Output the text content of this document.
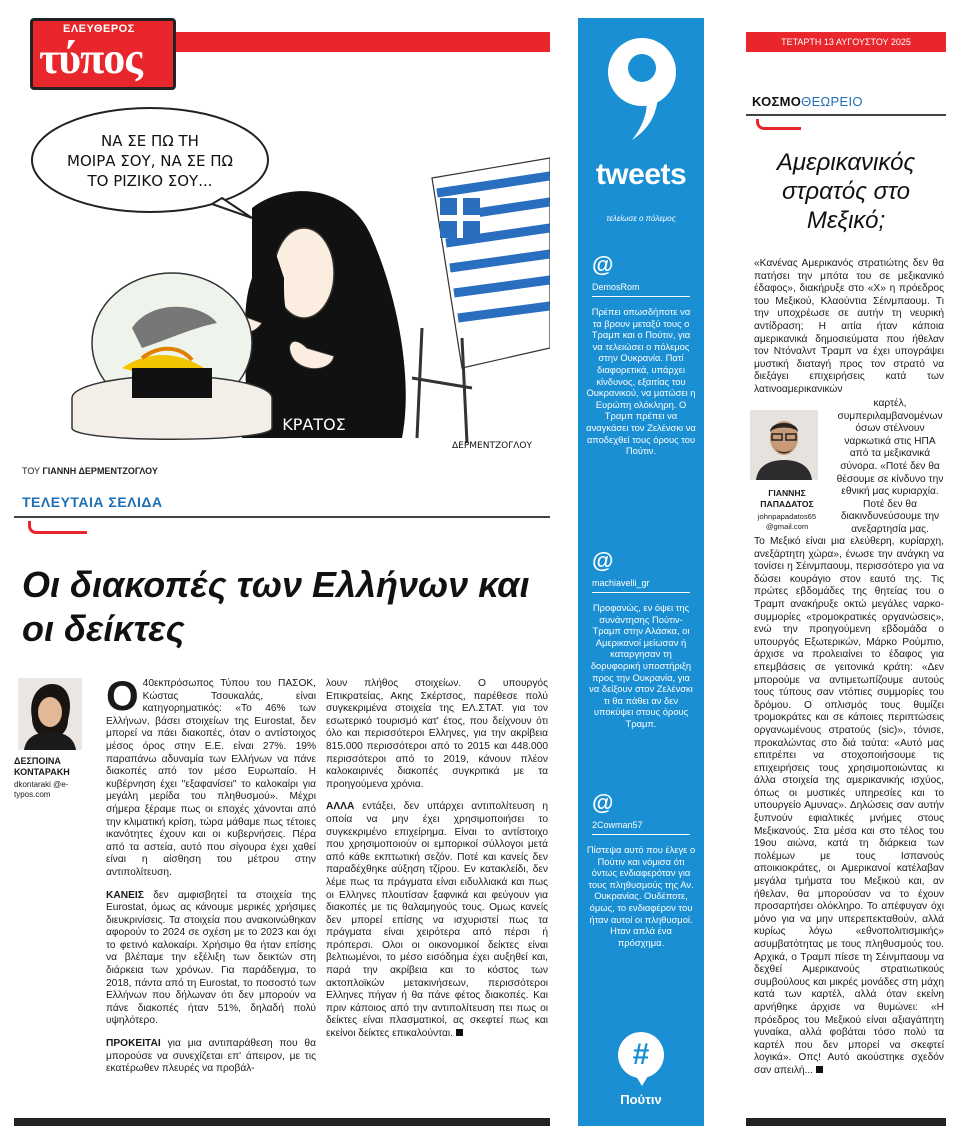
ΕΛΕΥΘΕΡΟΣ
τύπος
ΝΑ ΣΕ ΠΩ ΤΗ
ΜΟΙΡΑ ΣΟΥ, ΝΑ ΣΕ ΠΩ
ΤΟ ΡΙΖΙΚΟ ΣΟΥ...
ΚΡΑΤΟΣ
ΔΕΡΜΕΝΤΖΟΓΛΟΥ
ΤΟΥ ΓΙΑΝΝΗ ΔΕΡΜΕΝΤΖΟΓΛΟΥ
ΤΕΛΕΥΤΑΙΑ ΣΕΛΙΔΑ
Οι διακοπές των Ελλήνων και οι δείκτες
ΔΕΣΠΟΙΝΑ ΚΟΝΤΑΡΑΚΗ
dkontaraki @e-typos.com

Ο 40εκπρόσωπος Τύπου του ΠΑΣΟΚ, Κώστας Τσουκαλάς, είναι κατηγορηματικός: «Το 46% των Ελλήνων, βάσει στοιχείων της Eurostat, δεν μπορεί να πάει διακοπές, όταν ο αντίστοιχος μέσος όρος στην Ε.Ε. είναι 27%. 19% παραπάνω αδυναμία των Ελλήνων να πάνε διακοπές από τον μέσο Ευρωπαίο. Η κυβέρνηση έχει "εξαφανίσει" το καλοκαίρι για μεγάλη μερίδα του πληθυσμού». Μέχρι σήμερα ξέραμε πως οι εποχές χάνονται από την κλιματική κρίση, τώρα μάθαμε πως τέτοιες ικανότητες έχουν και οι κυβερνήσεις. Πέρα από τα αστεία, αυτό που σίγουρα έχει χαθεί είναι η αίσθηση του μέτρου στην αντιπολίτευση.

ΚΑΝΕΙΣ δεν αμφισβητεί τα στοιχεία της Eurostat, όμως ας κάνουμε μερικές χρήσιμες διευκρινίσεις. Τα στοιχεία που ανακοινώθηκαν αφορούν το 2024 σε σχέση με το 2023 και όχι το φετινό καλοκαίρι. Χρήσιμο θα ήταν επίσης να βλέπαμε την εξέλιξη των δεικτών στη διάρκεια των χρόνων. Για παράδειγμα, το 2018, πάντα από τη Eurostat, το ποσοστό των Ελλήνων που δήλωναν ότι δεν μπορούν να πάνε διακοπές ήταν 51%, δηλαδή πολύ υψηλότερο.

ΠΡΟΚΕΙΤΑΙ για μια αντιπαράθεση που θα μπορούσε να συνεχίζεται επ' άπειρον, με τις εκατέρωθεν πλευρές να προβάλ-

λουν πλήθος στοιχείων. Ο υπουργός Επικρατείας, Ακης Σκέρτσος, παρέθεσε πολύ συγκεκριμένα στοιχεία της ΕΛ.ΣΤΑΤ. για τον εσωτερικό τουρισμό κατ' έτος, που δείχνουν ότι όλο και περισσότεροι Ελληνες, για την ακρίβεια 815.000 περισσότεροι από το 2015 και 448.000 περισσότεροι από το 2019, κάνουν πλέον καλοκαιρινές διακοπές συγκριτικά με τα προηγούμενα χρόνια.

ΑΛΛΑ εντάξει, δεν υπάρχει αντιπολίτευση η οποία να μην έχει χρησιμοποιήσει το συγκεκριμένο επιχείρημα. Είναι το αντίστοιχο που χρησιμοποιούν οι εμπορικοί σύλλογοι μετά από κάθε εκπτωτική σεζόν. Ποτέ και κανείς δεν παραδέχθηκε αύξηση τζίρου. Εν κατακλείδι, δεν λέμε πως τα πράγματα είναι ειδυλλιακά και πως οι Ελληνες πλουτίσαν ξαφνικά και φεύγουν για διακοπές με τις θαλαμηγούς τους. Ομως κανείς δεν μπορεί επίσης να ισχυριστεί πως τα πράγματα είναι χειρότερα από πέρσι ή πρόπερσι. Ολοι οι οικονομικοί δείκτες είναι βελτιωμένοι, το μέσο εισόδημα έχει αυξηθεί και, παρά την ακρίβεια και το κόστος των ακτοπλοϊκών μετακινήσεων, περισσότεροι Ελληνες πήγαν ή θα πάνε φέτος διακοπές. Και πριν κάποιος από την αντιπολίτευση πει πως οι δείκτες είναι πλασματικοί, ας σκεφτεί πως και εκείνοι δείκτες επικαλούνται.

tweets
τελείωσε ο πόλεμος
@
DemosRom
Πρέπει οπωσδήποτε να τα βρουν μεταξύ τους ο Τραμπ και ο Πούτιν, για να τελειώσει ο πόλεμος στην Ουκρανία. Πατί διαφορετικά, υπάρχει κίνδυνος, εξαιτίας του Ουκρανικού, να ματώσει η Ευρώπη ολόκληρη. Ο Τραμπ πρέπει να αναγκάσει τον Ζελένσκι να αποδεχθεί τους όρους του Πούτιν.
@
machiavelli_gr
Προφανώς, εν όψει της συνάντησης Πούτιν-Τραμπ στην Αλάσκα, οι Αμερικανοί μείωσαν ή καταργησαν τη δορυφορική υποστήριξη προς την Ουκρανία, για να δείξουν στον Ζελένσκι τι θα πάθει αν δεν υποκύψει στους όρους Τραμπ.
@
2Cowman57
Πίστεψα αυτό που έλεγε ο Πούτιν και νόμισα ότι όντως ενδιαφερόταν για τους πληθυσμούς της Αν. Ουκρανίας. Ουδέποτε, όμως, το ενδιαφέρον του ήταν αυτοί οι πληθυσμοί. Ηταν απλά ένα πρόσχημα.
#
Πούτιν
ΤΕΤΑΡΤΗ 13 ΑΥΓΟΥΣΤΟΥ 2025
ΚΟΣΜΟΘΕΩΡΕΙΟ
Αμερικανικός στρατός στο Μεξικό;
«Κανένας Αμερικανός στρατιώτης δεν θα πατήσει την μπότα του σε μεξικανικό έδαφος», διακήρυξε στο «Χ» η πρόεδρος του Μεξικού, Κλαούντια Σέινμπαουμ. Τι την υποχρέωσε σε αυτήν τη νευρική αντίδραση; Η αιτία ήταν κάποια αμερικανικά δημοσιεύματα που ήθελαν τον Ντόναλντ Τραμπ να έχει υπογράψει μυστική διαταγή προς τον στρατό να διεξάγει επιχειρήσεις κατά των λατινοαμερικανικών
ΓΙΑΝΝΗΣ ΠΑΠΑΔΑΤΟΣ
johnpapadatos65 @gmail.com
καρτέλ, συμπεριλαμβανομένων όσων στέλνουν ναρκωτικά στις ΗΠΑ από τα μεξικανικά σύνορα. «Ποτέ δεν θα θέσουμε σε κίνδυνο την εθνική μας κυριαρχία. Ποτέ δεν θα διακινδυνεύσουμε την ανεξαρτησία μας.
Το Μεξικό είναι μια ελεύθερη, κυρίαρχη, ανεξάρτητη χώρα», ένωσε την ανάγκη να τονίσει η Σέινμπαουμ, περισσότερο για να δώσει κουράγιο στον εαυτό της. Τις πρώτες εβδομάδες της θητείας του ο Τραμπ ανακήρυξε οκτώ μεγάλες ναρκο-συμμορίες «τρομοκρατικές οργανώσεις», ενώ την προηγούμενη εβδομάδα ο υπουργός Εξωτερικών, Μάρκο Ρούμπιο, άρχισε να προλειαίνει το έδαφος για επεμβάσεις σε γειτονικά κράτη: «Δεν μπορούμε να αντιμετωπίζουμε αυτούς τους τύπους σαν ντόπιες συμμορίες του δρόμου. Ο οπλισμός τους θυμίζει τρομοκράτες και σε κάποιες περιπτώσεις οργανωμένους στρατούς (sic)», τόνισε, προκαλώντας στο διά ταύτα: «Αυτό μας επιτρέπει να στοχοποιήσουμε τις επιχειρήσεις τους χρησιμοποιώντας κι άλλα στοιχεία της αμερικανικής ισχύος, όπως οι μυστικές υπηρεσίες και το υπουργείο Αμυνας». Δηλώσεις σαν αυτήν ξυπνούν εφιαλτικές μνήμες στους Μεξικανούς. Στα μέσα και στο τέλος του 19ου αιώνα, κατά τη διάρκεια των πολέμων με τους Ισπανούς αποικιοκράτες, οι Αμερικανοί κατέλαβαν μεγάλα τμήματα του Μεξικού και, αν ήθελαν, θα μπορούσαν να το έχουν προσαρτήσει ολόκληρο. Το απέφυγαν όχι μόνο για να μην υπερεπεκταθούν, αλλά κυρίως λόγω «εθνοπολιτισμικής» ασυμβατότητας με τους πληθυσμούς του. Αρχικά, ο Τραμπ πίεσε τη Σέινμπαουμ να δεχθεί Αμερικανούς στρατιωτικούς συμβούλους και μικρές μονάδες στη μάχη κατά των καρτέλ, αλλά όταν εκείνη αρνήθηκε άρχισε να θυμώνει: «Η πρόεδρος του Μεξικού είναι αξιαγάπητη γυναίκα, αλλά φοβάται τόσο πολύ τα καρτέλ που δεν μπορεί να σκεφτεί λογικά». Οπς! Αυτό ακούστηκε σχεδόν σαν απειλή...
